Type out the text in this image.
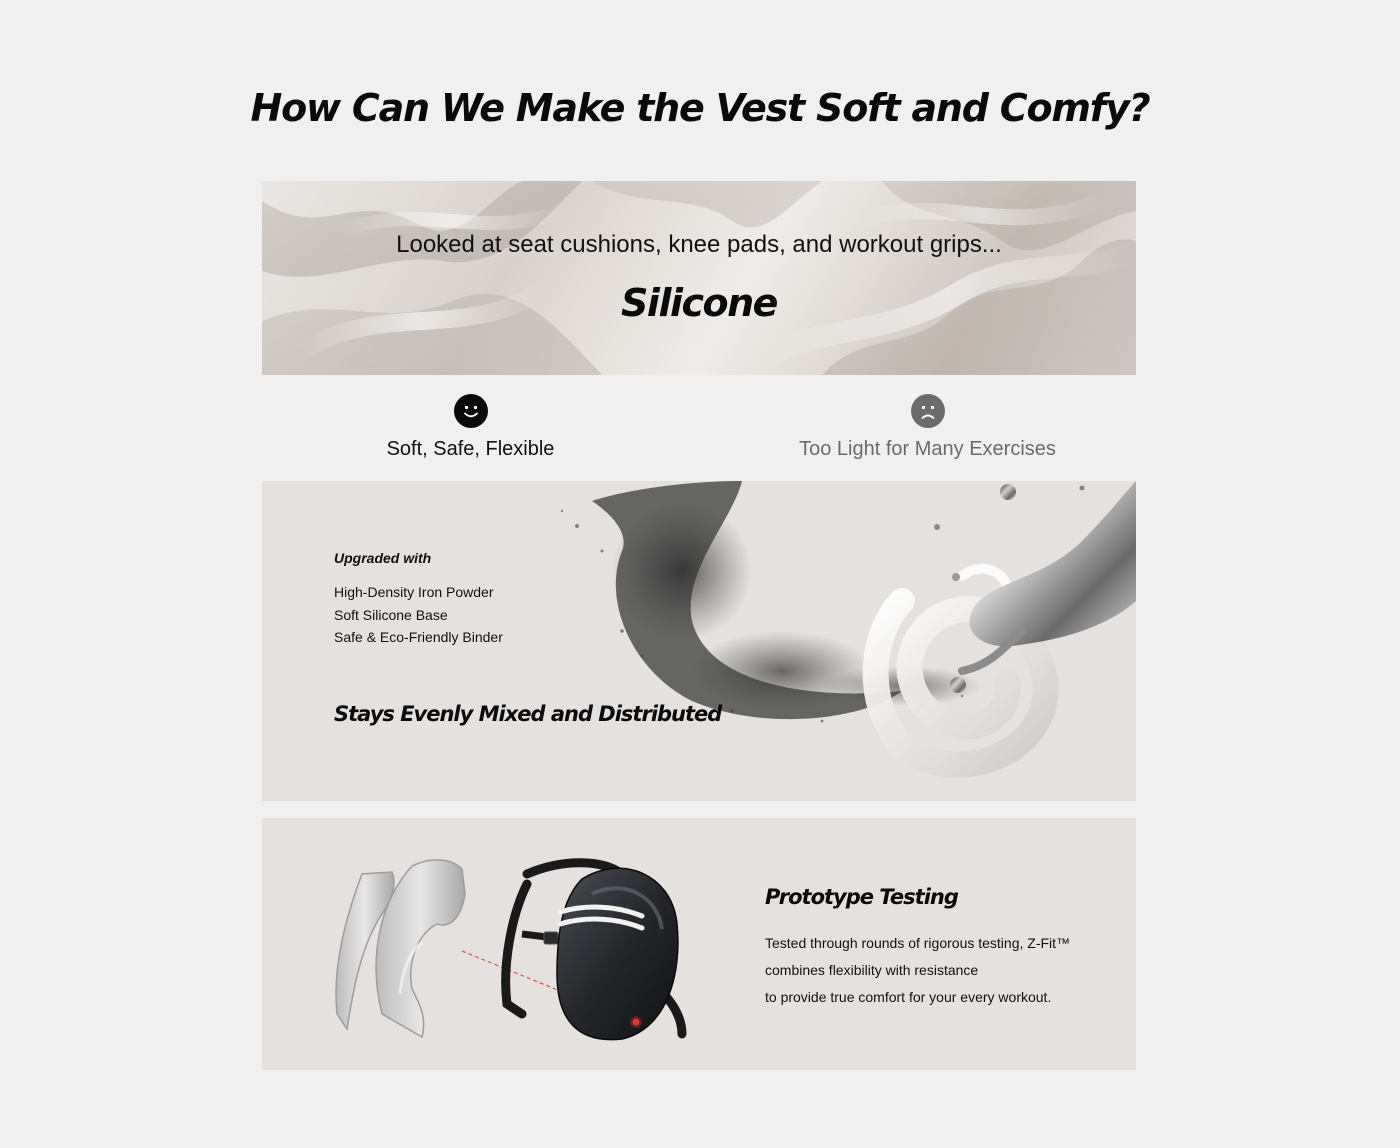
How Can We Make the Vest Soft and Comfy?
Looked at seat cushions, knee pads, and workout grips...
Silicone
Soft, Safe, Flexible	Too Light for Many Exercises
Upgraded with
High-Density Iron Powder
Soft Silicone Base
Safe & Eco-Friendly Binder
Stays Evenly Mixed and Distributed
Prototype Testing
Tested through rounds of rigorous testing, Z-Fit™
combines flexibility with resistance
to provide true comfort for your every workout.
